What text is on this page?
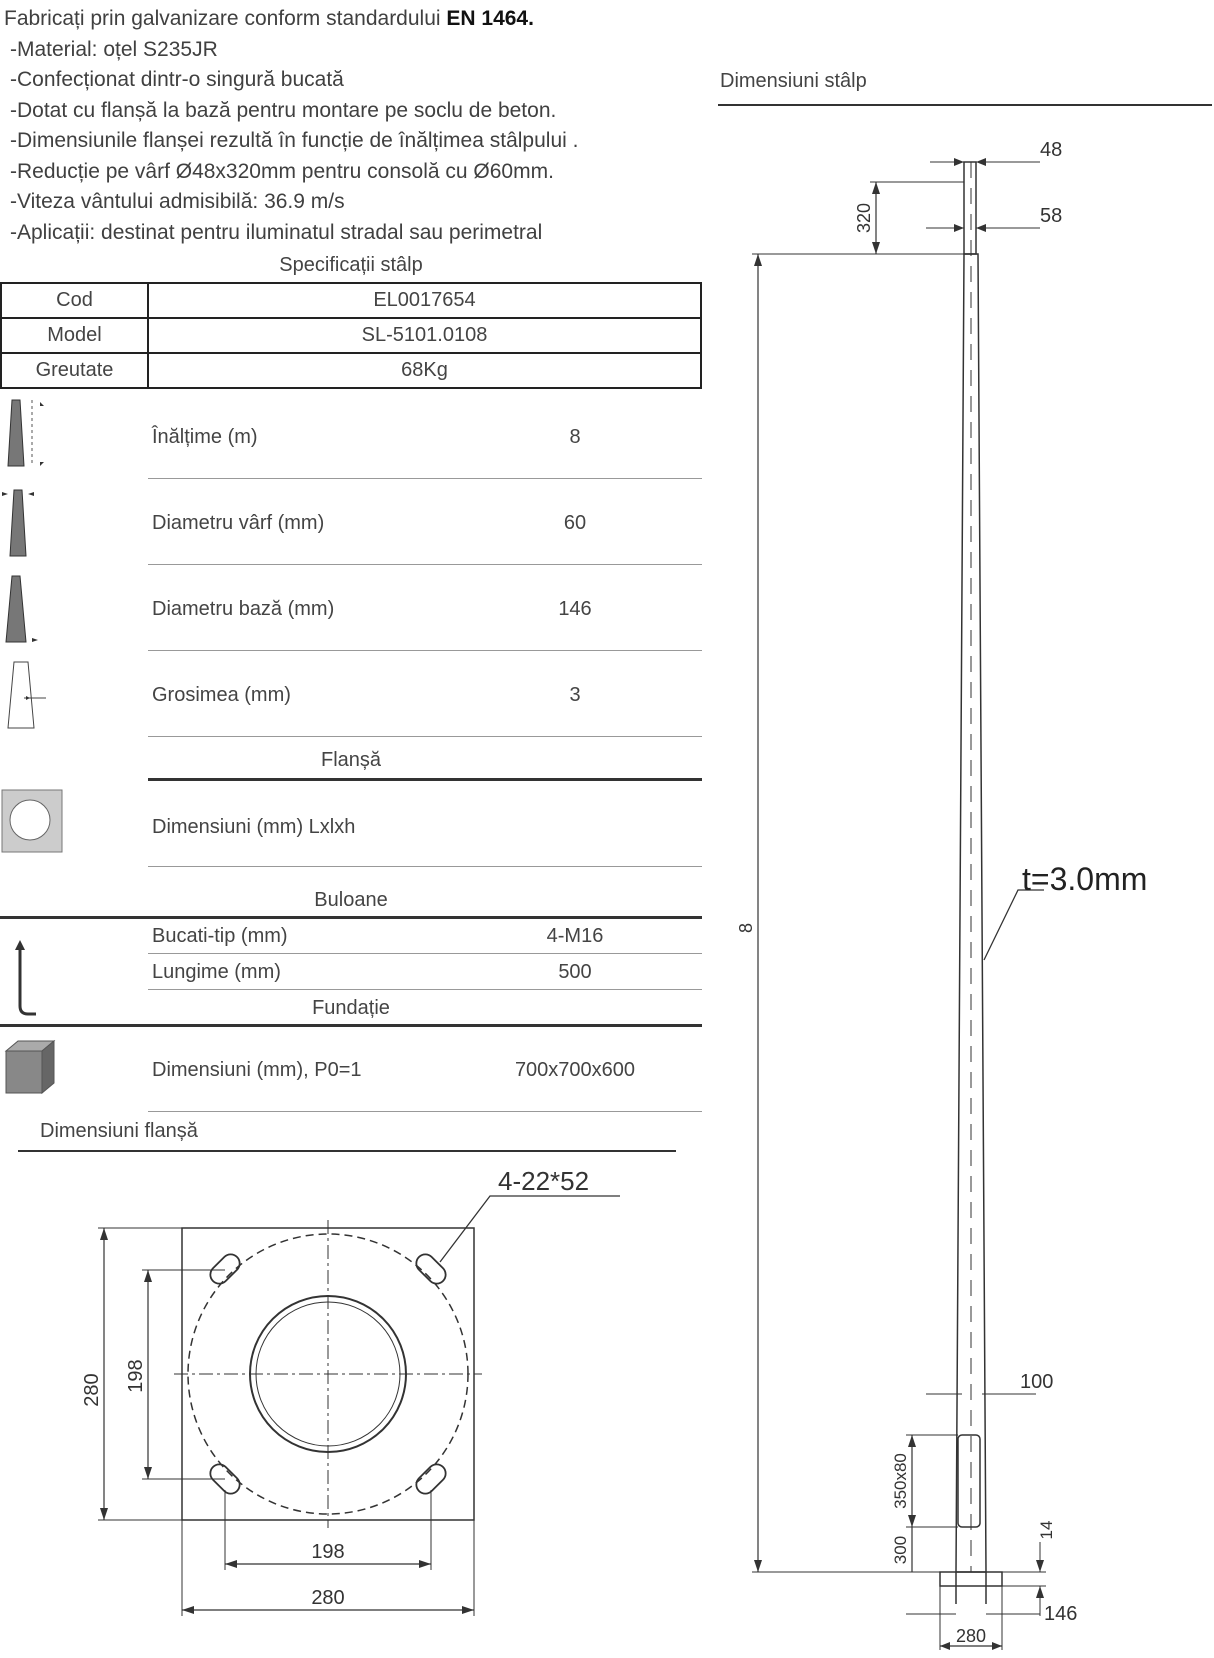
Fabricați prin galvanizare conform standardului EN 1464.
-Material: oțel S235JR
-Confecționat dintr-o singură bucată
-Dotat cu flanșă la bază pentru montare pe soclu de beton.
-Dimensiunile flanșei rezultă în funcție de înălțimea stâlpului .
-Reducție pe vârf Ø48x320mm pentru consolă cu Ø60mm.
-Viteza vântului admisibilă: 36.9 m/s
-Aplicații: destinat pentru iluminatul stradal sau perimetral
Specificații stâlp
Cod	EL0017654
Model	SL-5101.0108
Greutate	68Kg
Înălțime (m)	8
Diametru vârf (mm)	60
Diametru bază (mm)	146
Grosimea (mm)	3
Flanșă
Dimensiuni (mm) Lxlxh
Buloane
Bucati-tip (mm)	4-M16
Lungime (mm)	500
Fundație
Dimensiuni (mm), P0=1	700x700x600
Dimensiuni flanșă
4-22*52
280 198
198
280
Dimensiuni stâlp
48
58
320
8
t=3.0mm
100
350x80
300
14
146
280
